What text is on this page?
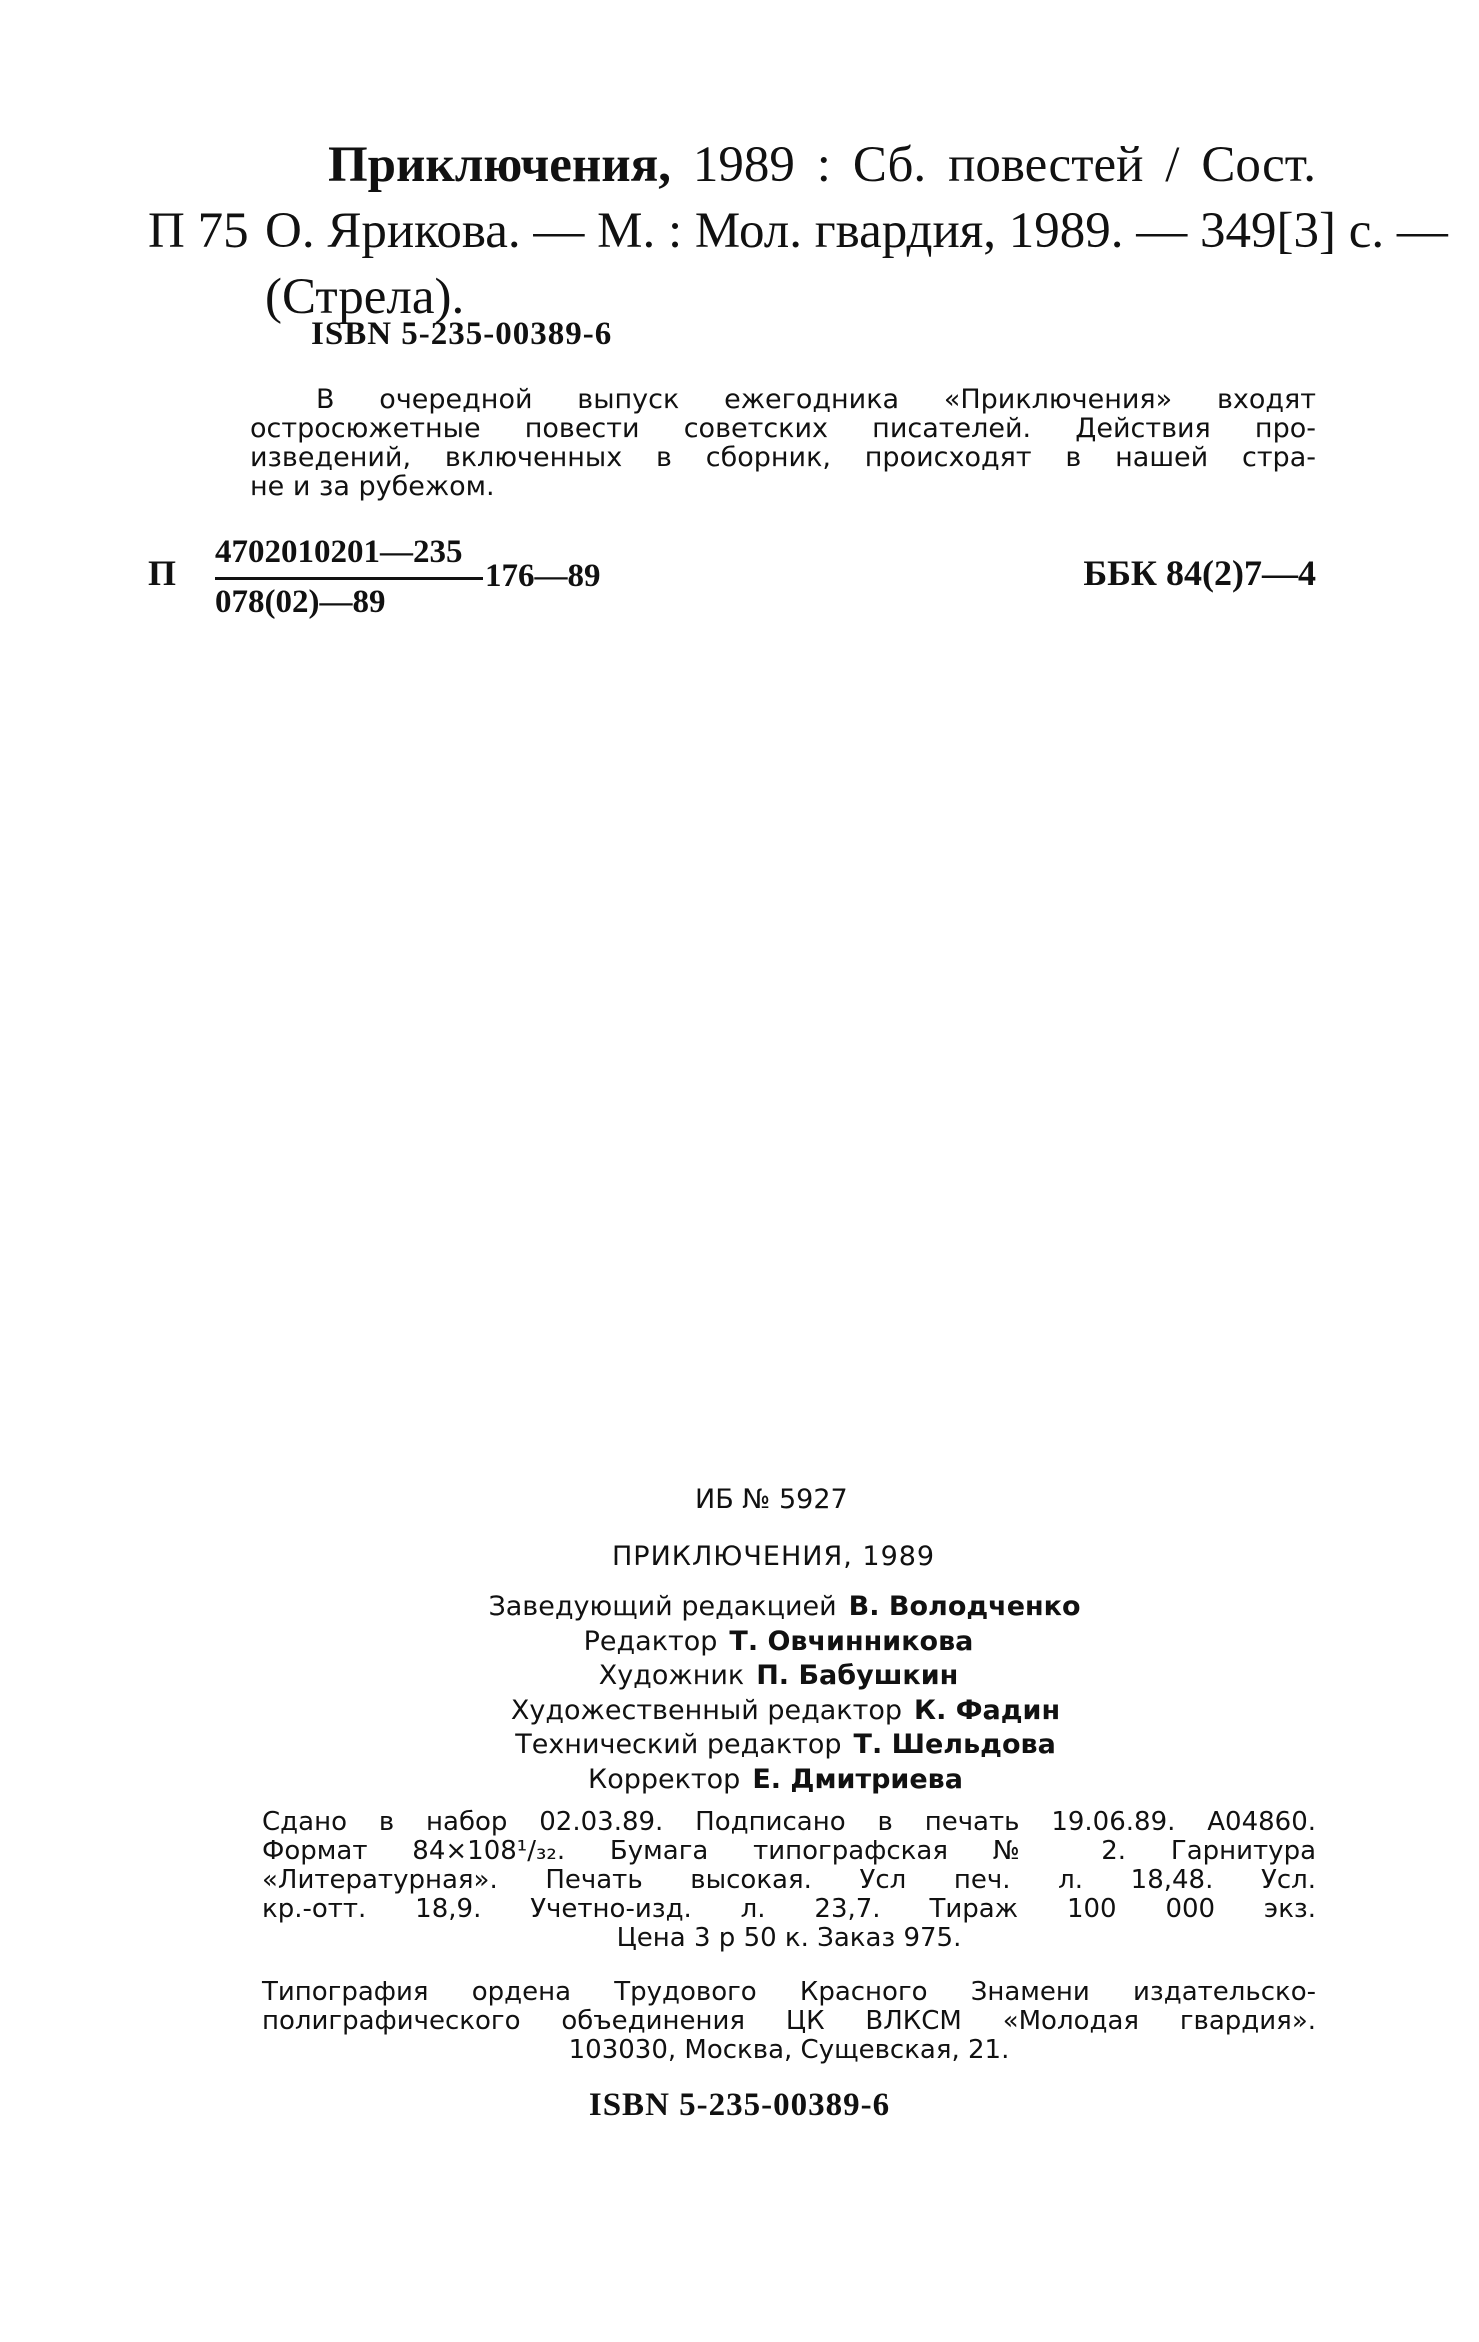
Приключения, 1989 : Сб. повестей / Сост.
П 75 О. Ярикова. — М. : Мол. гвардия, 1989. — 349[3] с. —
(Стрела).
ISBN 5-235-00389-6
В очередной выпуск ежегодника «Приключения» входят
остросюжетные повести советских писателей. Действия про-
изведений, включенных в сборник, происходят в нашей стра-
не и за рубежом.
П
4702010201—235
078(02)—89
176—89	ББК 84(2)7—4
ИБ № 5927
ПРИКЛЮЧЕНИЯ, 1989
Заведующий редакцией В. Володченко
Редактор Т. Овчинникова
Художник П. Бабушкин
Художественный редактор К. Фадин
Технический редактор Т. Шельдова
Корректор Е. Дмитриева
Сдано в набор 02.03.89. Подписано в печать 19.06.89. А04860.
Формат 84×108¹/₃₂. Бумага типографская № 2. Гарнитура
«Литературная». Печать высокая. Усл печ. л. 18,48. Усл.
кр.-отт. 18,9. Учетно-изд. л. 23,7. Тираж 100 000 экз.
Цена 3 р 50 к. Заказ 975.
Типография ордена Трудового Красного Знамени издательско-
полиграфического объединения ЦК ВЛКСМ «Молодая гвардия».
103030, Москва, Сущевская, 21.
ISBN 5-235-00389-6
